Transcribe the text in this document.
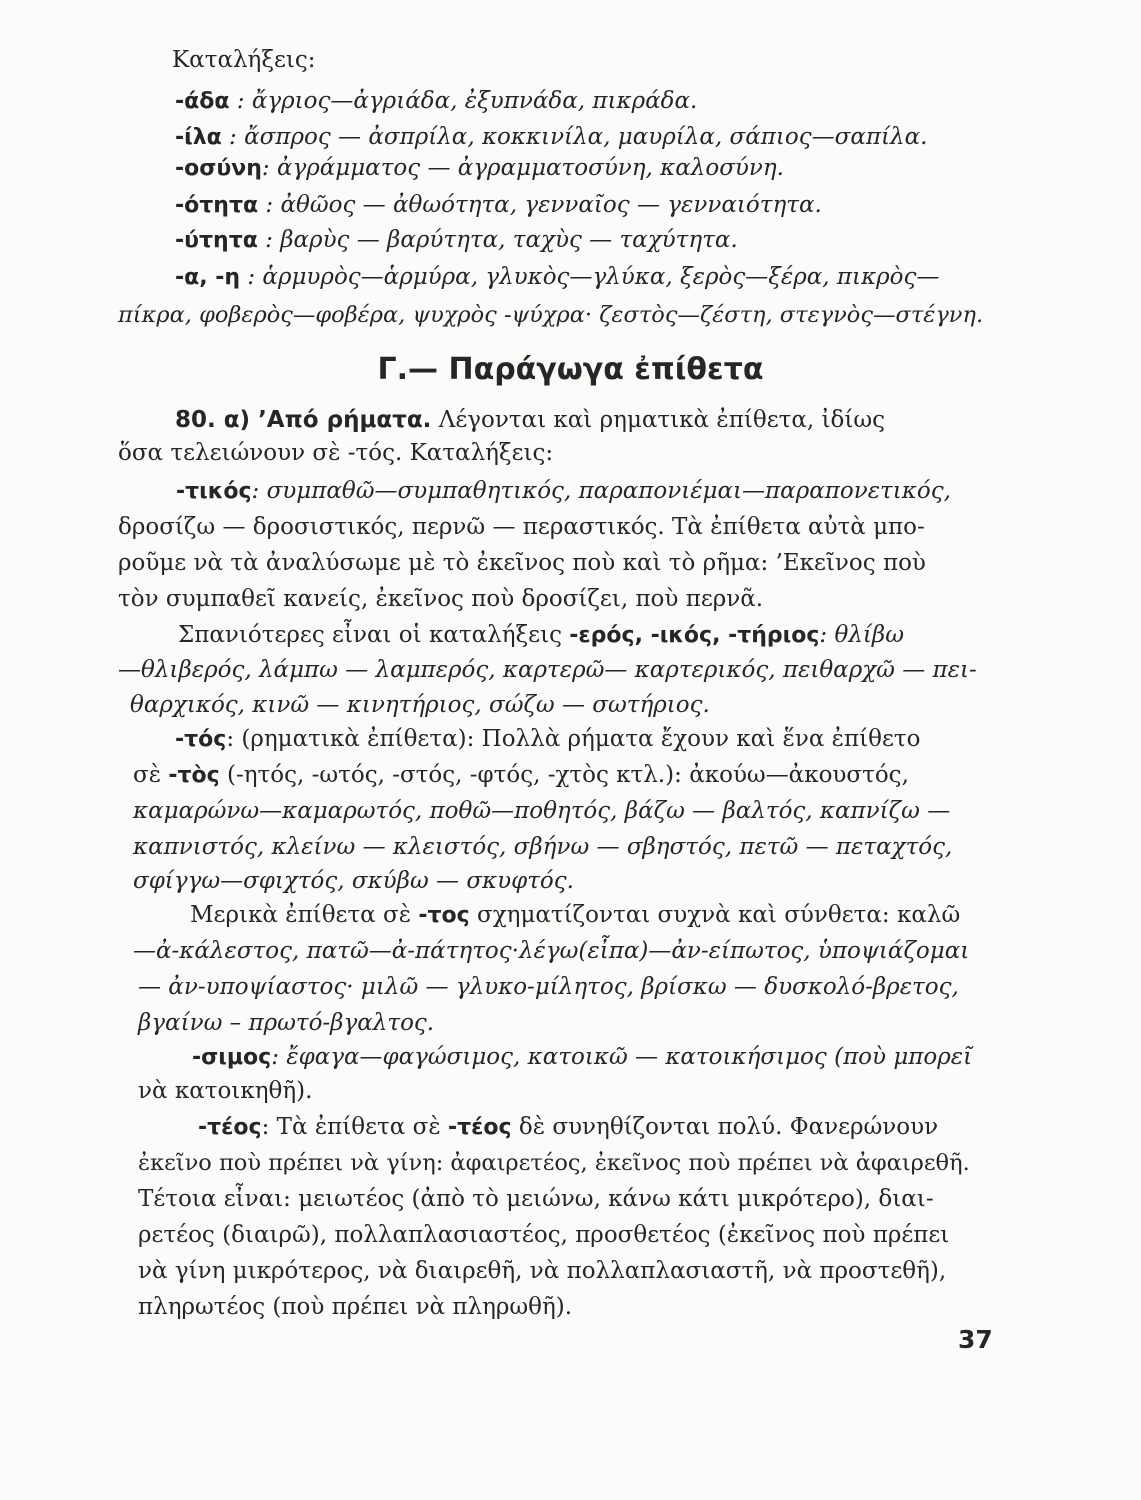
Καταλήξεις:
-άδα : ἄγριος—ἀγριάδα, ἐξυπνάδα, πικράδα.
-ίλα : ἄσπρος — ἀσπρίλα, κοκκινίλα, μαυρίλα, σάπιος—σαπίλα.
-οσύνη: ἀγράμματος — ἀγραμματοσύνη, καλοσύνη.
-ότητα : ἀθῶος — ἀθωότητα, γενναῖος — γενναιότητα.
-ύτητα : βαρὺς — βαρύτητα, ταχὺς — ταχύτητα.
-α, -η : ἁρμυρὸς—ἁρμύρα, γλυκὸς—γλύκα, ξερὸς—ξέρα, πικρὸς—
πίκρα, φοβερὸς—φοβέρα, ψυχρὸς -ψύχρα· ζεστὸς—ζέστη, στεγνὸς—στέγνη.
Γ.— Παράγωγα ἐπίθετα
80. α) ’Από ρήματα. Λέγονται καὶ ρηματικὰ ἐπίθετα, ἰδίως
ὅσα τελειώνουν σὲ -τός. Καταλήξεις:
-τικός: συμπαθῶ—συμπαθητικός, παραπονιέμαι—παραπονετικός,
δροσίζω — δροσιστικός, περνῶ — περαστικός. Τὰ ἐπίθετα αὐτὰ μπο-
ροῦμε νὰ τὰ ἀναλύσωμε μὲ τὸ ἐκεῖνος ποὺ καὶ τὸ ρῆμα: ’Εκεῖνος ποὺ
τὸν συμπαθεῖ κανείς, ἐκεῖνος ποὺ δροσίζει, ποὺ περνᾶ.
Σπανιότερες εἶναι οἱ καταλήξεις -ερός, -ικός, -τήριος: θλίβω
—θλιβερός, λάμπω — λαμπερός, καρτερῶ— καρτερικός, πειθαρχῶ — πει-
θαρχικός, κινῶ — κινητήριος, σώζω — σωτήριος.
-τός: (ρηματικὰ ἐπίθετα): Πολλὰ ρήματα ἔχουν καὶ ἕνα ἐπίθετο
σὲ -τὸς (-ητός, -ωτός, -στός, -φτός, -χτὸς κτλ.): ἀκούω—ἀκουστός,
καμαρώνω—καμαρωτός, ποθῶ—ποθητός, βάζω — βαλτός, καπνίζω —
καπνιστός, κλείνω — κλειστός, σβήνω — σβηστός, πετῶ — πεταχτός,
σφίγγω—σφιχτός, σκύβω — σκυφτός.
Μερικὰ ἐπίθετα σὲ -τος σχηματίζονται συχνὰ καὶ σύνθετα: καλῶ
—ἀ-κάλεστος, πατῶ—ἀ-πάτητος·λέγω(εἶπα)—ἀν-είπωτος, ὑποψιάζομαι
— ἀν-υποψίαστος· μιλῶ — γλυκο-μίλητος, βρίσκω — δυσκολό-βρετος,
βγαίνω – πρωτό-βγαλτος.
-σιμος: ἔφαγα—φαγώσιμος, κατοικῶ — κατοικήσιμος (ποὺ μπορεῖ
νὰ κατοικηθῆ).
-τέος: Τὰ ἐπίθετα σὲ -τέος δὲ συνηθίζονται πολύ. Φανερώνουν
ἐκεῖνο ποὺ πρέπει νὰ γίνη: ἀφαιρετέος, ἐκεῖνος ποὺ πρέπει νὰ ἀφαιρεθῆ.
Τέτοια εἶναι: μειωτέος (ἀπὸ τὸ μειώνω, κάνω κάτι μικρότερο), διαι-
ρετέος (διαιρῶ), πολλαπλασιαστέος, προσθετέος (ἐκεῖνος ποὺ πρέπει
νὰ γίνη μικρότερος, νὰ διαιρεθῆ, νὰ πολλαπλασιαστῆ, νὰ προστεθῆ),
πληρωτέος (ποὺ πρέπει νὰ πληρωθῆ).
37
